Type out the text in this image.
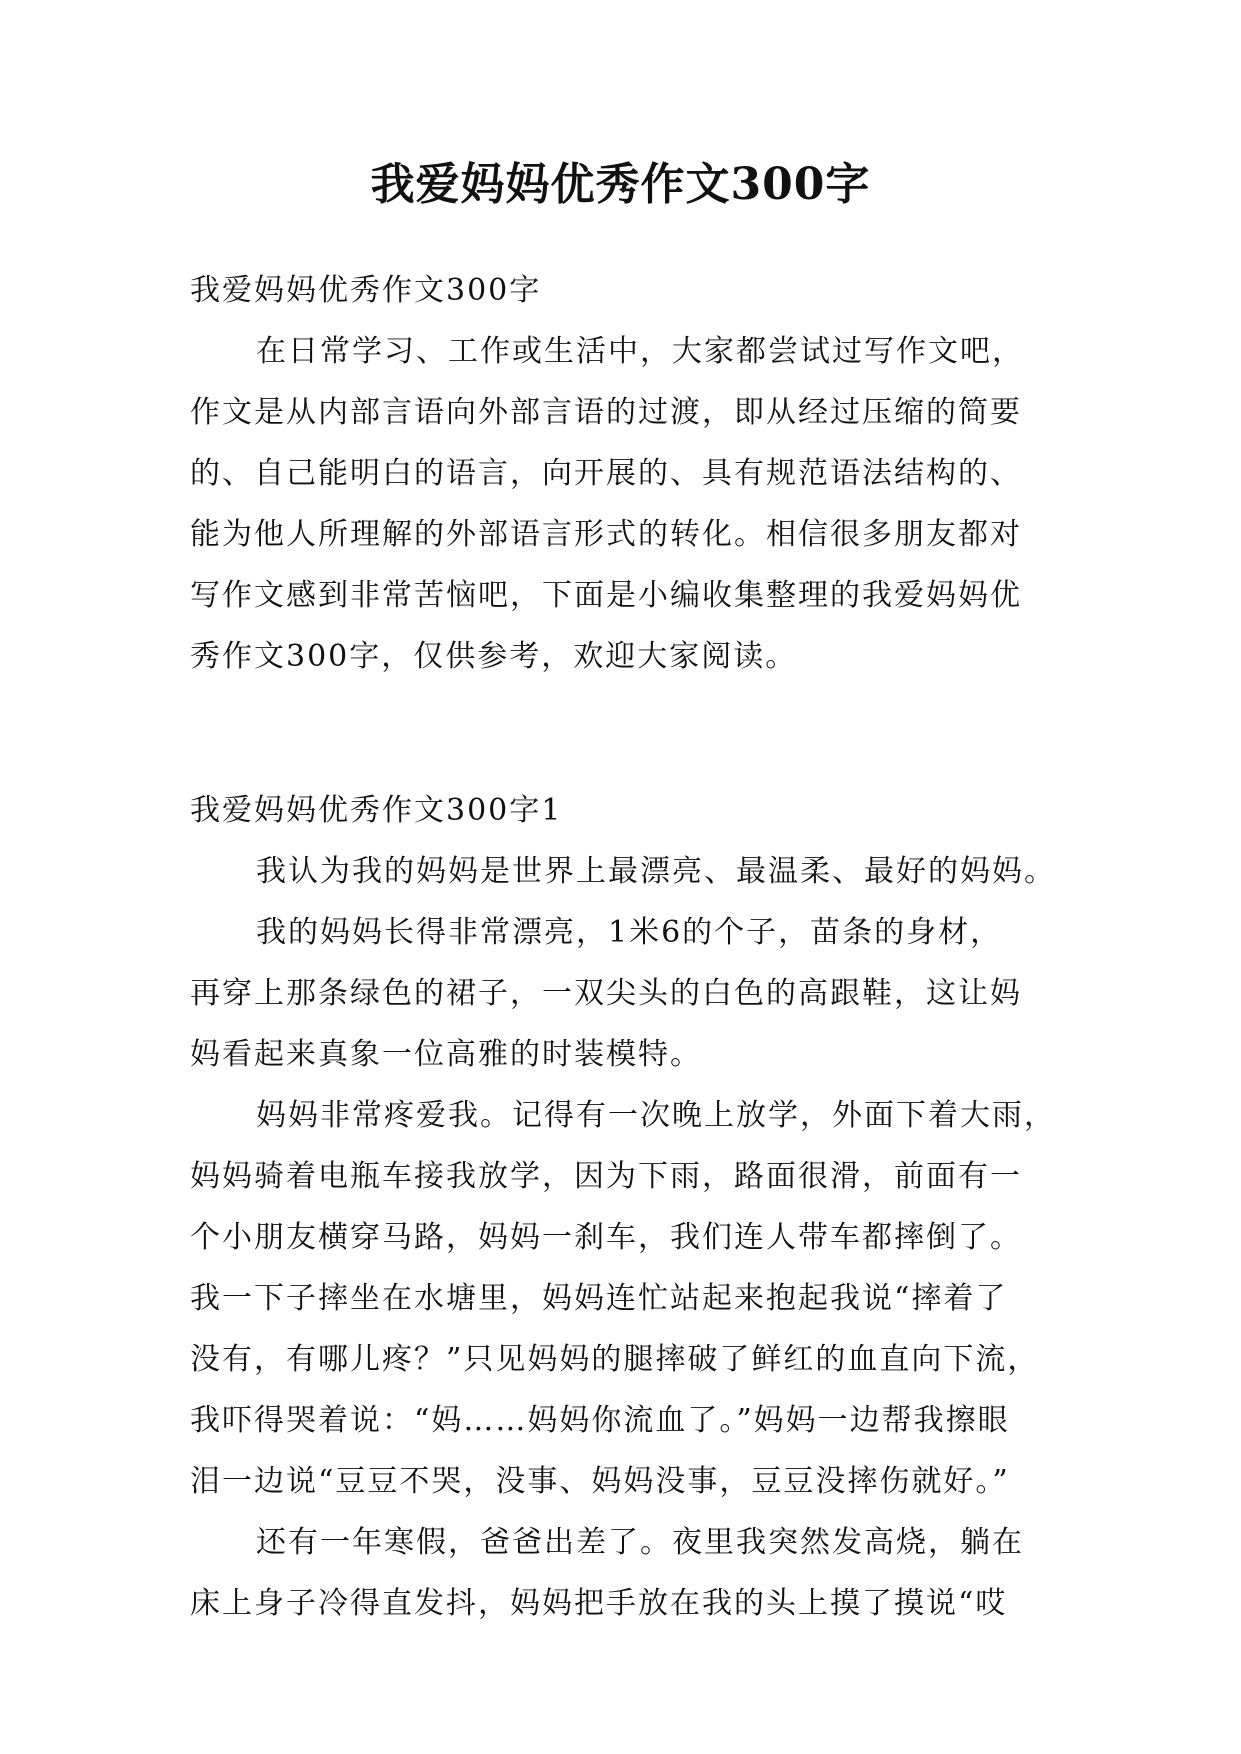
我爱妈妈优秀作文300字

我爱妈妈优秀作文300字

在日常学习、工作或生活中，大家都尝试过写作文吧，

作文是从内部言语向外部言语的过渡，即从经过压缩的简要

的、自己能明白的语言，向开展的、具有规范语法结构的、

能为他人所理解的外部语言形式的转化。相信很多朋友都对

写作文感到非常苦恼吧，下面是小编收集整理的我爱妈妈优

秀作文300字，仅供参考，欢迎大家阅读。

我爱妈妈优秀作文300字1

我认为我的妈妈是世界上最漂亮、最温柔、最好的妈妈。

我的妈妈长得非常漂亮，1米6的个子，苗条的身材，

再穿上那条绿色的裙子，一双尖头的白色的高跟鞋，这让妈

妈看起来真象一位高雅的时装模特。

妈妈非常疼爱我。记得有一次晚上放学，外面下着大雨，

妈妈骑着电瓶车接我放学，因为下雨，路面很滑，前面有一

个小朋友横穿马路，妈妈一刹车，我们连人带车都摔倒了。

我一下子摔坐在水塘里，妈妈连忙站起来抱起我说“摔着了

没有，有哪儿疼？”只见妈妈的腿摔破了鲜红的血直向下流，

我吓得哭着说：“妈……妈妈你流血了。”妈妈一边帮我擦眼

泪一边说“豆豆不哭，没事、妈妈没事，豆豆没摔伤就好。”

还有一年寒假，爸爸出差了。夜里我突然发高烧，躺在

床上身子冷得直发抖，妈妈把手放在我的头上摸了摸说“哎
